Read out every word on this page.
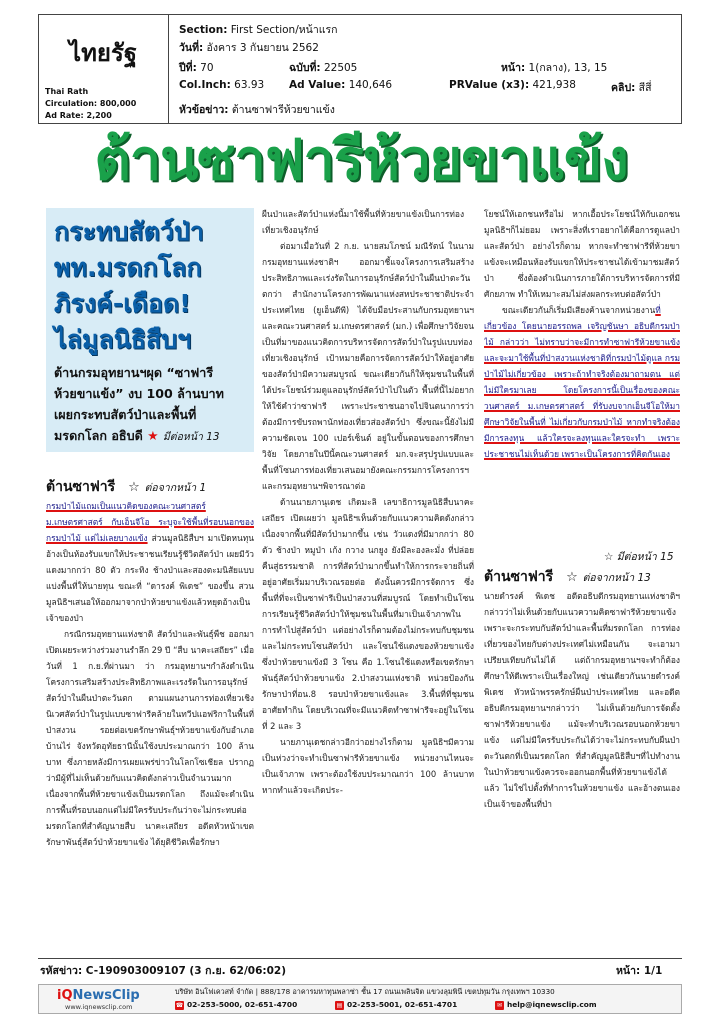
ไทยรัฐ
Thai Rath
Circulation: 800,000
Ad Rate: 2,200
Section: First Section/หน้าแรก
วันที่: อังคาร 3 กันยายน 2562
ปีที่: 70	ฉบับที่: 22505	หน้า: 1(กลาง), 13, 15
Col.Inch: 63.93 Ad Value: 140,646	PRValue (x3): 421,938	คลิป: สีสี่
หัวข้อข่าว: ต้านซาฟารีห้วยขาแข้ง
ต้านซาฟารีห้วยขาแข้ง
กระทบสัตว์ป่า
พท.มรดกโลก
ภิรงค์-เดือด!
ไล่มูลนิธิสืบฯ
ต้านกรมอุทยานฯผุด “ซาฟารี
ห้วยขาแข้ง” งบ 100 ล้านบาท
เผยกระทบสัตว์ป่าและพื้นที่
มรดกโลก อธิบดี ★ มีต่อหน้า 13
ต้านซาฟารี ☆ ต่อจากหน้า 1

กรมป่าไม้แถมเป็นแนวคิดของคณะวนศาสตร์ ม.เกษตรศาสตร์ กับเอ็นจีโอ ระบุจะใช้พื้นที่รอบนอกของกรมป่าไม้ แต่ไม่เลยบางแข้ง ส่วนมูลนิธิสืบฯ มาเปิดหนทุนอ้างเป็นห้องรับแขกให้ประชาชนเรียนรู้ชีวิตสัตว์ป่า เผยมีวัวแดงมากกว่า 80 ตัว กระทิง ช้างป่าและสองตะมนิสัยแบบแบ่งพื้นที่ให้นายทุน ขณะที่ “ดารงค์ พิเดช” ของขึ้น สวนมูลนิธิฯเสนอให้ออกมาจากป่าห้วยขาแข้งแล้วหยุดอ้างเป็นเจ้าของป่า

กรณีกรมอุทยานแห่งชาติ สัตว์ป่าและพันธุ์พืช ออกมาเปิดเผยระหว่างร่วมงานรำลึก 29 ปี “สืบ นาคะเสถียร” เมื่อวันที่ 1 ก.ย.ที่ผ่านมา ว่า กรมอุทยานฯกำลังดำเนินโครงการเสริมสร้างประสิทธิภาพและเรงรัดในการอนุรักษ์สัตว์ป่าในผืนป่าตะวันตก ตามแผนงานการท่องเที่ยวเชิงนิเวศสัตว์ป่าในรูปแบบซาฟารีคล้ายในทวีปแอฟริกาในพื้นที่ป่าสงวน รอยต่อเขตรักษาพันธุ์ฯห้วยขาแข้งกับอำเภอบ้านไร่ จังหวัดอุทัยธานีนั้นใช้งบประมาณกว่า 100 ล้านบาท ซึ่งภายหลังมีการเผยแพร่ข่าวในโลกโซเชียล ปรากฏว่ามีผู้ที่ไม่เห็นด้วยกับแนวคิดดังกล่าวเป็นจำนวนมาก เนื่องจากพื้นที่ห้วยขาแข้งเป็นมรดกโลก ถึงแม้จะดำเนินการพื้นที่รอบนอกแต่ไม่มีใครรับประกันว่าจะไม่กระทบต่อมรดกโลกที่สำคัญนายสืบ นาคะเสถียร อดีตหัวหน้าเขตรักษาพันธุ์สัตว์ป่าห้วยขาแข้ง ได้ยุติชีวิตเพื่อรักษา

ผืนป่าและสัตว์ป่าแห่งนี้มาใช้พื้นที่ห้วยขาแข้งเป็นการท่องเที่ยวเชิงอนุรักษ์

ต่อมาเมื่อวันที่ 2 ก.ย. นายสมโภชน์ มณีรัตน์ ในนามกรมอุทยานแห่งชาติฯ ออกมาชี้แจงโครงการเสริมสร้างประสิทธิภาพและเร่งรัดในการอนุรักษ์สัตว์ป่าในผืนป่าตะวันตกว่า สำนักงานโครงการพัฒนาแห่งสหประชาชาติประจำประเทศไทย (ยูเอ็นดีพี) ได้จับมือประสานกับกรมอุทยานฯ และคณะวนศาสตร์ ม.เกษตรศาสตร์ (มก.) เพื่อศึกษาวิจัยจนเป็นที่มาของแนวคิดการบริหารจัดการสัตว์ป่าในรูปแบบท่องเที่ยวเชิงอนุรักษ์ เป้าหมายคือการจัดการสัตว์ป่าให้อยู่อาศัยของสัตว์ป่ามีความสมบูรณ์ ขณะเดียวกันก็ให้ชุมชนในพื้นที่ได้ประโยชน์ร่วมดูแลอนุรักษ์สัตว์ป่าไปในตัว พื้นที่นี้ไม่อยากให้ใช้คำว่าซาฟารี เพราะประชาชนอาจไปจินตนาการว่าต้องมีการขับรถพานักท่องเที่ยวส่องสัตว์ป่า ซึ่งขณะนี้ยังไม่มีความชัดเจน 100 เปอร์เซ็นต์ อยู่ในขั้นตอนของการศึกษาวิจัย โดยภายในปีนี้คณะวนศาสตร์ มก.จะสรุปรูปแบบและพื้นที่โซนการท่องเที่ยวเสนอมายังคณะกรรมการโครงการฯและกรมอุทยานฯพิจารณาต่อ

ด้านนายภานุเดช เกิดมะลิ เลขาธิการมูลนิธิสืบนาคะเสถียร เปิดเผยว่า มูลนิธิฯเห็นด้วยกับแนวความคิดดังกล่าว เนื่องจากพื้นที่มีสัตว์ป่ามากขึ้น เช่น วัวแดงที่มีมากกว่า 80 ตัว ช้างป่า หมูป่า เก้ง กวาง นกยูง ยังมีละองละมั่ง ที่ปล่อยคืนสู่ธรรมชาติ การที่สัตว์ป่ามากขึ้นทำให้การกระจายถิ่นที่อยู่อาศัยเริ่มมาบริเวณรอยต่อ ดังนั้นควรมีการจัดการ ซึ่งพื้นที่ที่จะเป็นซาฟารีเป็นป่าสงวนที่สมบูรณ์ โดยทำเป็นโซนการเรียนรู้ชีวิตสัตว์ป่าให้ชุมชนในพื้นที่มาเป็นเจ้าภาพในการทำไปสู่สัตว์ป่า แต่อย่างไรก็ตามต้องไม่กระทบกับชุมชนและไม่กระทบโซนสัตว์ป่า และโซนใช้แดงของห้วยขาแข้ง ซึ่งป่าห้วยขาแข้งมี 3 โซน คือ 1.โซนใช้แดงหรือเขตรักษาพันธุ์สัตว์ป่าห้วยขาแข้ง 2.ป่าสงวนแห่งชาติ หน่วยป้องกันรักษาป่าที่อน.8 รอบป่าห้วยขาแข้งและ 3.พื้นที่ที่ชุมชนอาศัยทำกิน โดยบริเวณที่จะมีแนวคิดทำซาฟารีจะอยู่ในโซนที่ 2 และ 3

นายภานุเดชกล่าวอีกว่าอย่างไรก็ตาม มูลนิธิฯมีความเป็นห่วงว่าจะทำเป็นซาฟารีห้วยขาแข้ง หน่วยงานไหนจะเป็นเจ้าภาพ เพราะต้องใช้งบประมาณกว่า 100 ล้านบาท หากทำแล้วจะเกิดประ-

โยชน์ให้เอกชนหรือไม่ หากเอื้อประโยชน์ให้กับเอกชน มูลนิธิฯก็ไม่ยอม เพราะสิ่งที่เราอยากได้คือการดูแลป่าและสัตว์ป่า อย่างไรก็ตาม หากจะทำซาฟารีที่ห้วยขาแข้งจะเหมือนห้องรับแขกให้ประชาชนได้เข้ามาชมสัตว์ป่า ซึ่งต้องดำเนินการภายใต้การบริหารจัดการที่มีศักยภาพ ทำให้เหมาะสมไม่ส่งผลกระทบต่อสัตว์ป่า

ขณะเดียวกันก็เริ่มมีเสียงค้านจากหน่วยงานที่เกี่ยวข้อง โดยนายอรรถพล เจริญชันษา อธิบดีกรมป่าไม้ กล่าวว่า ไม่ทราบว่าจะมีการทำซาฟารีห้วยขาแข้ง และจะมาใช้พื้นที่ป่าสงวนแห่งชาติที่กรมป่าไม้ดูแล กรมป่าไม้ไม่เกี่ยวข้อง เพราะถ้าทำจริงต้องมาถามตน แต่ไม่มีใครมาเลย โดยโครงการนี้เป็นเรื่องของคณะวนศาสตร์ ม.เกษตรศาสตร์ ที่รับงบจากเอ็นจีโอให้มาศึกษาวิจัยในพื้นที่ ไม่เกี่ยวกับกรมป่าไม้ หากทำจริงต้องมีการลงทุน แล้วใครจะลงทุนและใครจะทำ เพราะประชาชนไม่เห็นด้วย เพราะเป็นโครงการที่คิดกันเอง

☆ มีต่อหน้า 15
ต้านซาฟารี ☆ ต่อจากหน้า 13

นายดำรงค์ พิเดช อดีตอธิบดีกรมอุทยานแห่งชาติฯ กล่าวว่าไม่เห็นด้วยกับแนวความคิดซาฟารีห้วยขาแข้ง เพราะจะกระทบกับสัตว์ป่าและพื้นที่มรดกโลก การท่องเที่ยวของไทยกับต่างประเทศไม่เหมือนกัน จะเอามาเปรียบเทียบกันไม่ได้ แต่ถ้ากรมอุทยานฯจะทำก็ต้องศึกษาให้ดีเพราะเป็นเรื่องใหญ่ เช่นเดียวกันนายดำรงค์ พิเดช หัวหน้าพรรครักษ์ผืนป่าประเทศไทย และอดีตอธิบดีกรมอุทยานฯกล่าวว่า ไม่เห็นด้วยกับการจัดตั้งซาฟารีห้วยขาแข้ง แม้จะทำบริเวณรอบนอกห้วยขาแข้ง แต่ไม่มีใครรับประกันได้ว่าจะไม่กระทบกับผืนป่าตะวันตกที่เป็นมรดกโลก ที่สำคัญมูลนิธิสืบฯที่ไปทำงานในป่าห้วยขาแข้งควรจะออกนอกพื้นที่ห้วยขาแข้งได้แล้ว ไม่ใช่ไปตั้งที่ทำการในห้วยขาแข้ง และอ้างตนเองเป็นเจ้าของพื้นที่ป่า

รหัสข่าว: C-190903009107 (3 ก.ย. 62/06:02)	หน้า: 1/1
iQNewsClip
www.iqnewsclip.com
บริษัท อินโฟเควสท์ จำกัด | 888/178 อาคารมหาทุนพลาซ่า ชั้น 17 ถนนเพลินจิต แขวงลุมพินี เขตปทุมวัน กรุงเทพฯ 10330
☎ 02-253-5000, 02-651-4700	▤ 02-253-5001, 02-651-4701	✉ help@iqnewsclip.com
